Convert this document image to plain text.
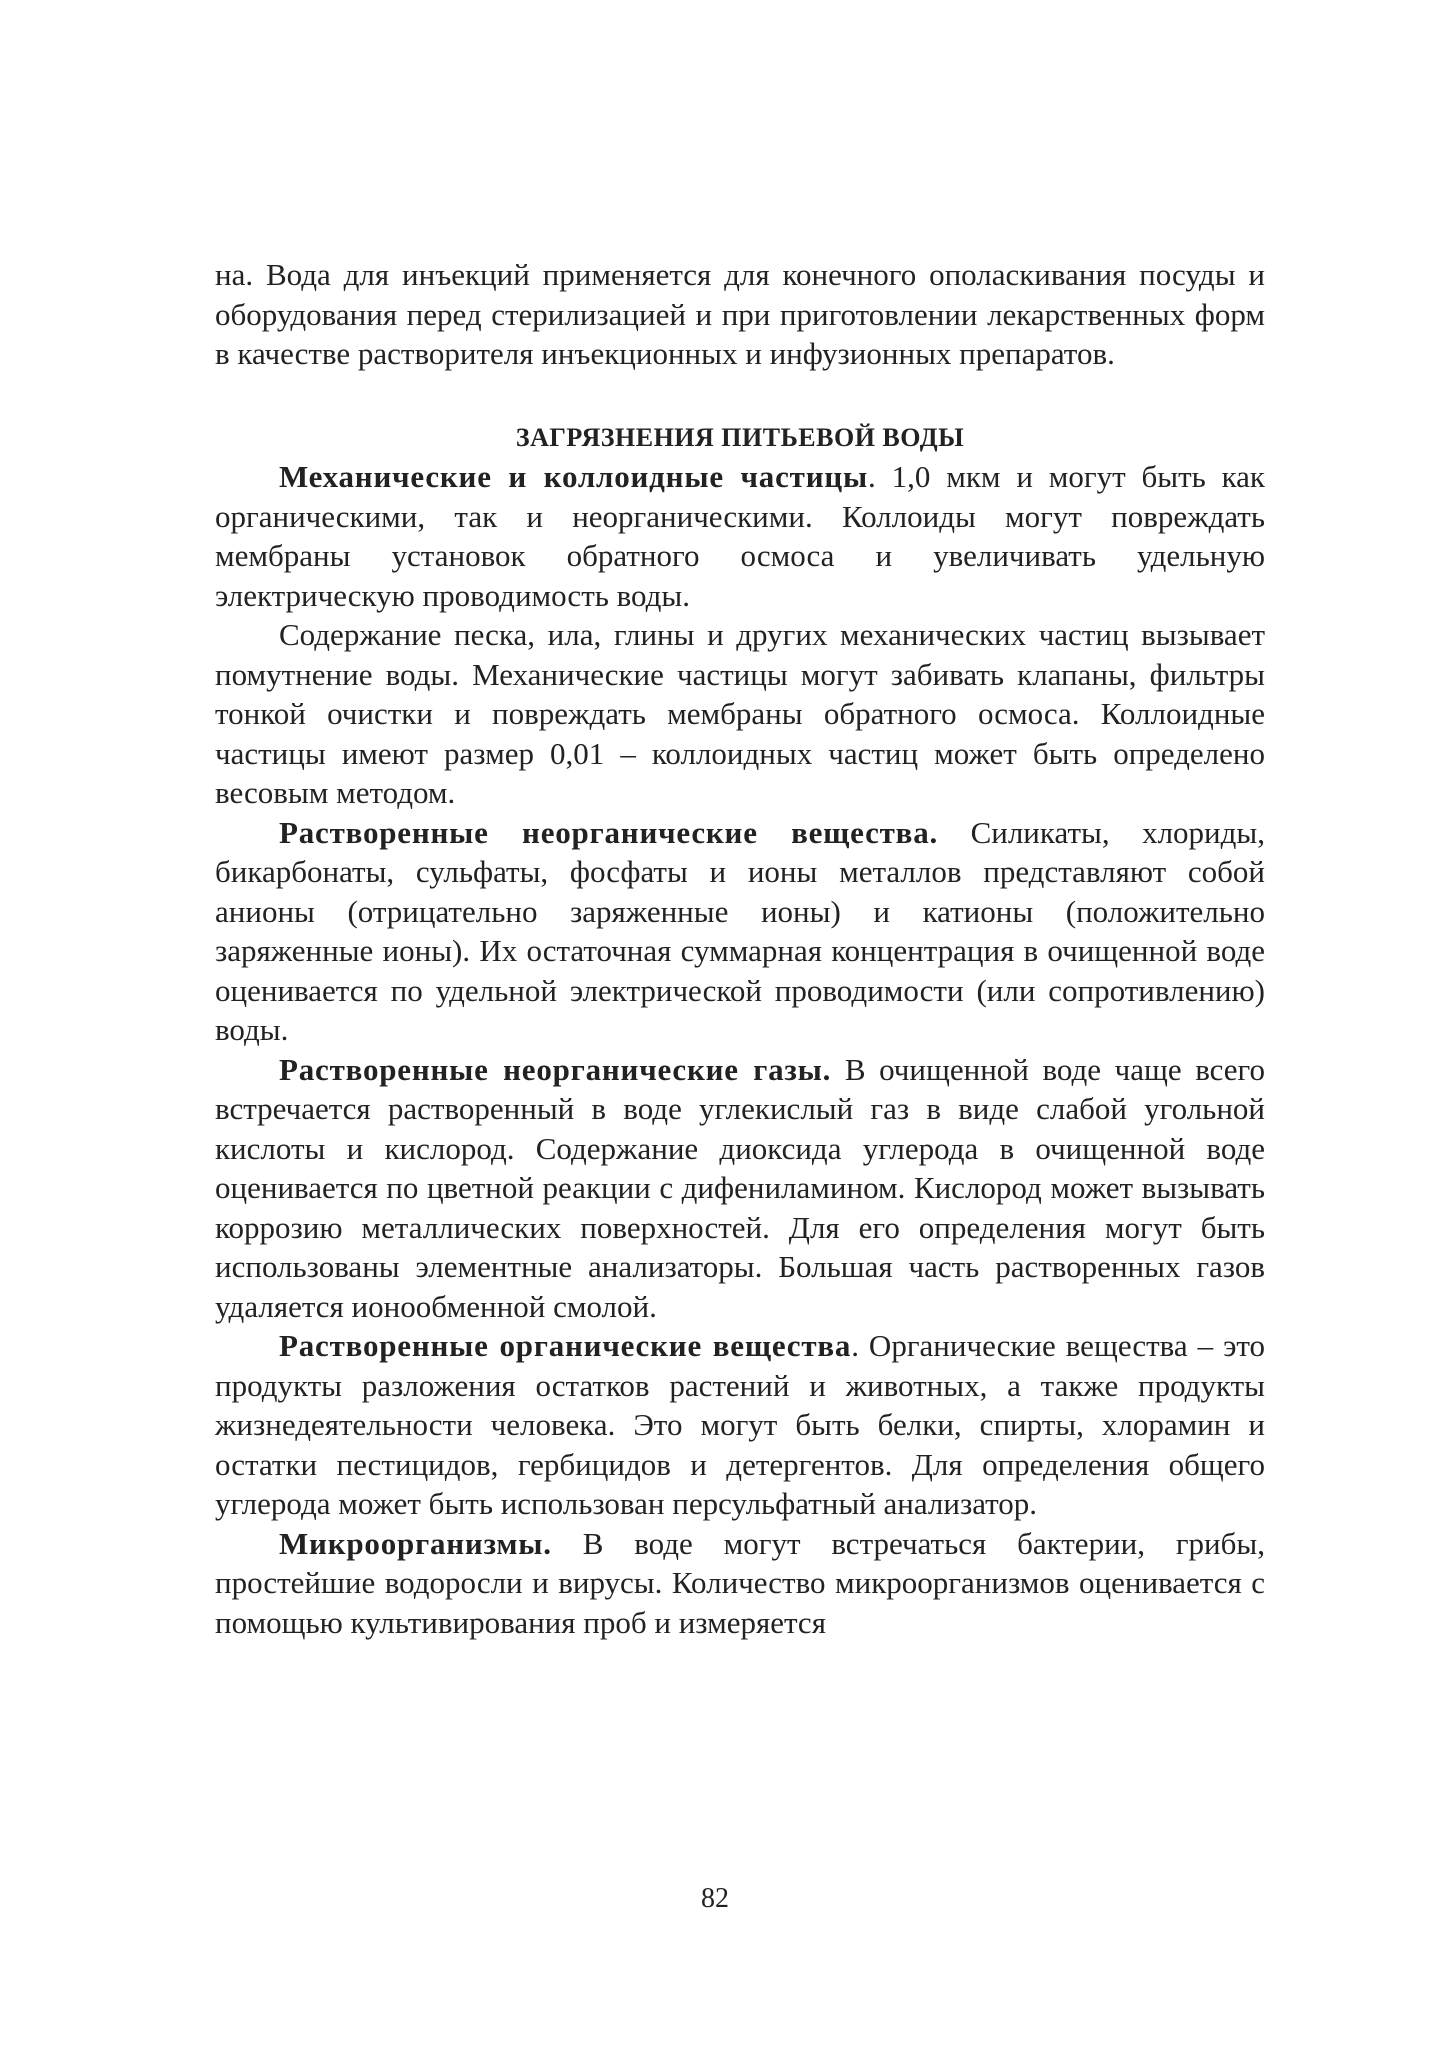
на. Вода для инъекций применяется для конечного ополаскивания посуды и оборудования перед стерилизацией и при приготовлении лекарственных форм в качестве растворителя инъекционных и инфузионных препаратов.

ЗАГРЯЗНЕНИЯ ПИТЬЕВОЙ ВОДЫ

Механические и коллоидные частицы. 1,0 мкм и могут быть как органическими, так и неорганическими. Коллоиды могут повреждать мембраны установок обратного осмоса и увеличивать удельную электрическую проводимость воды.

Содержание песка, ила, глины и других механических частиц вызывает помутнение воды. Механические частицы могут забивать клапаны, фильтры тонкой очистки и повреждать мембраны обратного осмоса. Коллоидные частицы имеют размер 0,01 – коллоидных частиц может быть определено весовым методом.

Растворенные неорганические вещества. Силикаты, хлориды, бикарбонаты, сульфаты, фосфаты и ионы металлов представляют собой анионы (отрицательно заряженные ионы) и катионы (положительно заряженные ионы). Их остаточная суммарная концентрация в очищенной воде оценивается по удельной электрической проводимости (или сопротивлению) воды.

Растворенные неорганические газы. В очищенной воде чаще всего встречается растворенный в воде углекислый газ в виде слабой угольной кислоты и кислород. Содержание диоксида углерода в очищенной воде оценивается по цветной реакции с дифениламином. Кислород может вызывать коррозию металлических поверхностей. Для его определения могут быть использованы элементные анализаторы. Большая часть растворенных газов удаляется ионообменной смолой.

Растворенные органические вещества. Органические вещества – это продукты разложения остатков растений и животных, а также продукты жизнедеятельности человека. Это могут быть белки, спирты, хлорамин и остатки пестицидов, гербицидов и детергентов. Для определения общего углерода может быть использован персульфатный анализатор.

Микроорганизмы. В воде могут встречаться бактерии, грибы, простейшие водоросли и вирусы. Количество микроорганизмов оценивается с помощью культивирования проб и измеряется

82
